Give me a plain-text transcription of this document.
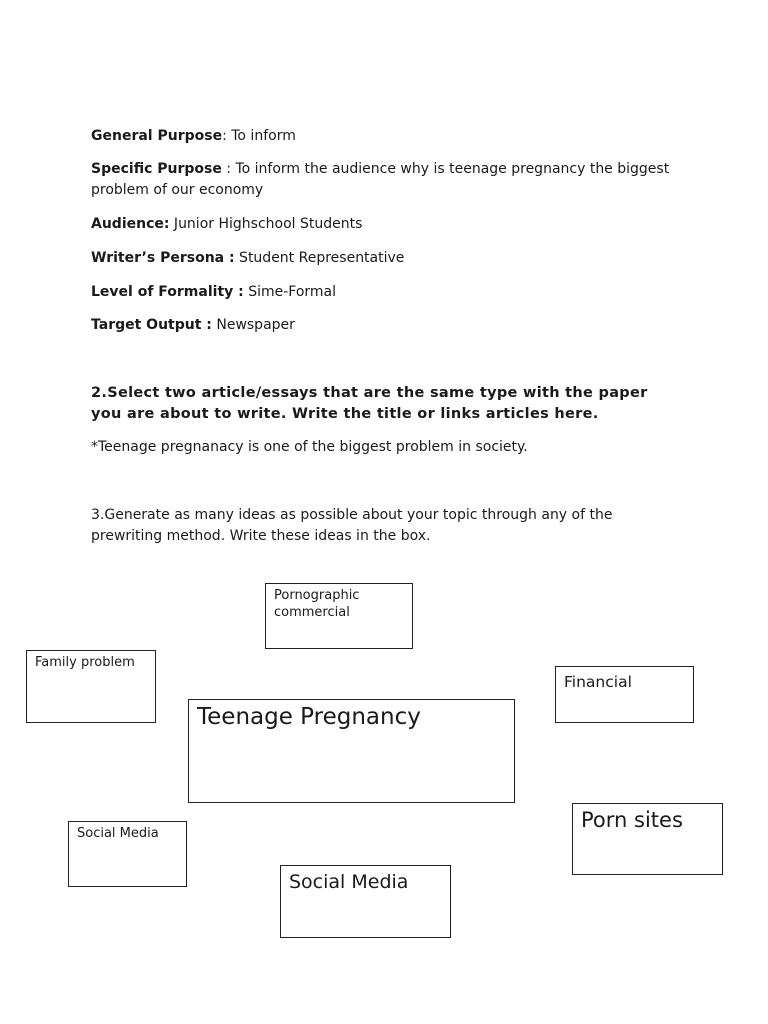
General Purpose: To inform
Specific Purpose : To inform the audience why is teenage pregnancy the biggest problem of our economy
Audience: Junior Highschool Students
Writer’s Persona : Student Representative
Level of Formality : Sime-Formal
Target Output : Newspaper
2.Select two article/essays that are the same type with the paper you are about to write. Write the title or links articles here.
*Teenage pregnanacy is one of the biggest problem in society.
3.Generate as many ideas as possible about your topic through any of the prewriting method. Write these ideas in the box.
Pornographic commercial
Family problem
Financial
Teenage Pregnancy
Social Media
Porn sites
Social Media
